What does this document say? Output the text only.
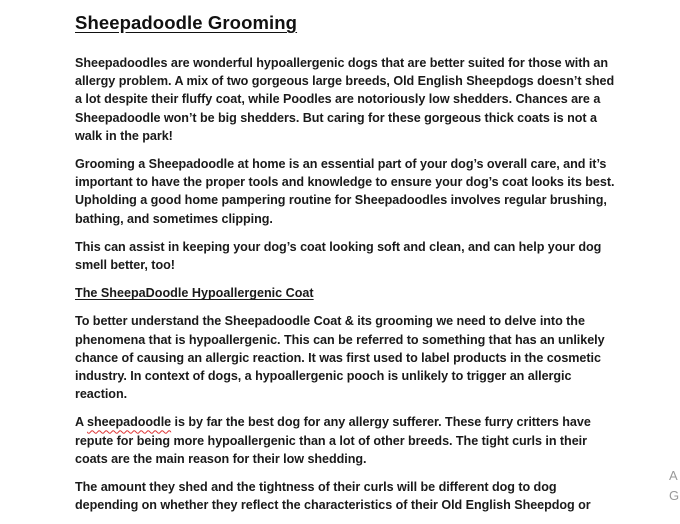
Sheepadoodle Grooming

Sheepadoodles are wonderful hypoallergenic dogs that are better suited for those with an allergy problem. A mix of two gorgeous large breeds, Old English Sheepdogs doesn’t shed a lot despite their fluffy coat, while Poodles are notoriously low shedders. Chances are a Sheepadoodle won’t be big shedders. But caring for these gorgeous thick coats is not a walk in the park!

Grooming a Sheepadoodle at home is an essential part of your dog’s overall care, and it’s important to have the proper tools and knowledge to ensure your dog’s coat looks its best. Upholding a good home pampering routine for Sheepadoodles involves regular brushing, bathing, and sometimes clipping.

This can assist in keeping your dog’s coat looking soft and clean, and can help your dog smell better, too!

The SheepaDoodle Hypoallergenic Coat

To better understand the Sheepadoodle Coat & its grooming we need to delve into the phenomena that is hypoallergenic. This can be referred to something that has an unlikely chance of causing an allergic reaction. It was first used to label products in the cosmetic industry. In context of dogs, a hypoallergenic pooch is unlikely to trigger an allergic reaction.

A sheepadoodle is by far the best dog for any allergy sufferer. These furry critters have repute for being more hypoallergenic than a lot of other breeds. The tight curls in their coats are the main reason for their low shedding.

The amount they shed and the tightness of their curls will be different dog to dog depending on whether they reflect the characteristics of their Old English Sheepdog or

A
G
